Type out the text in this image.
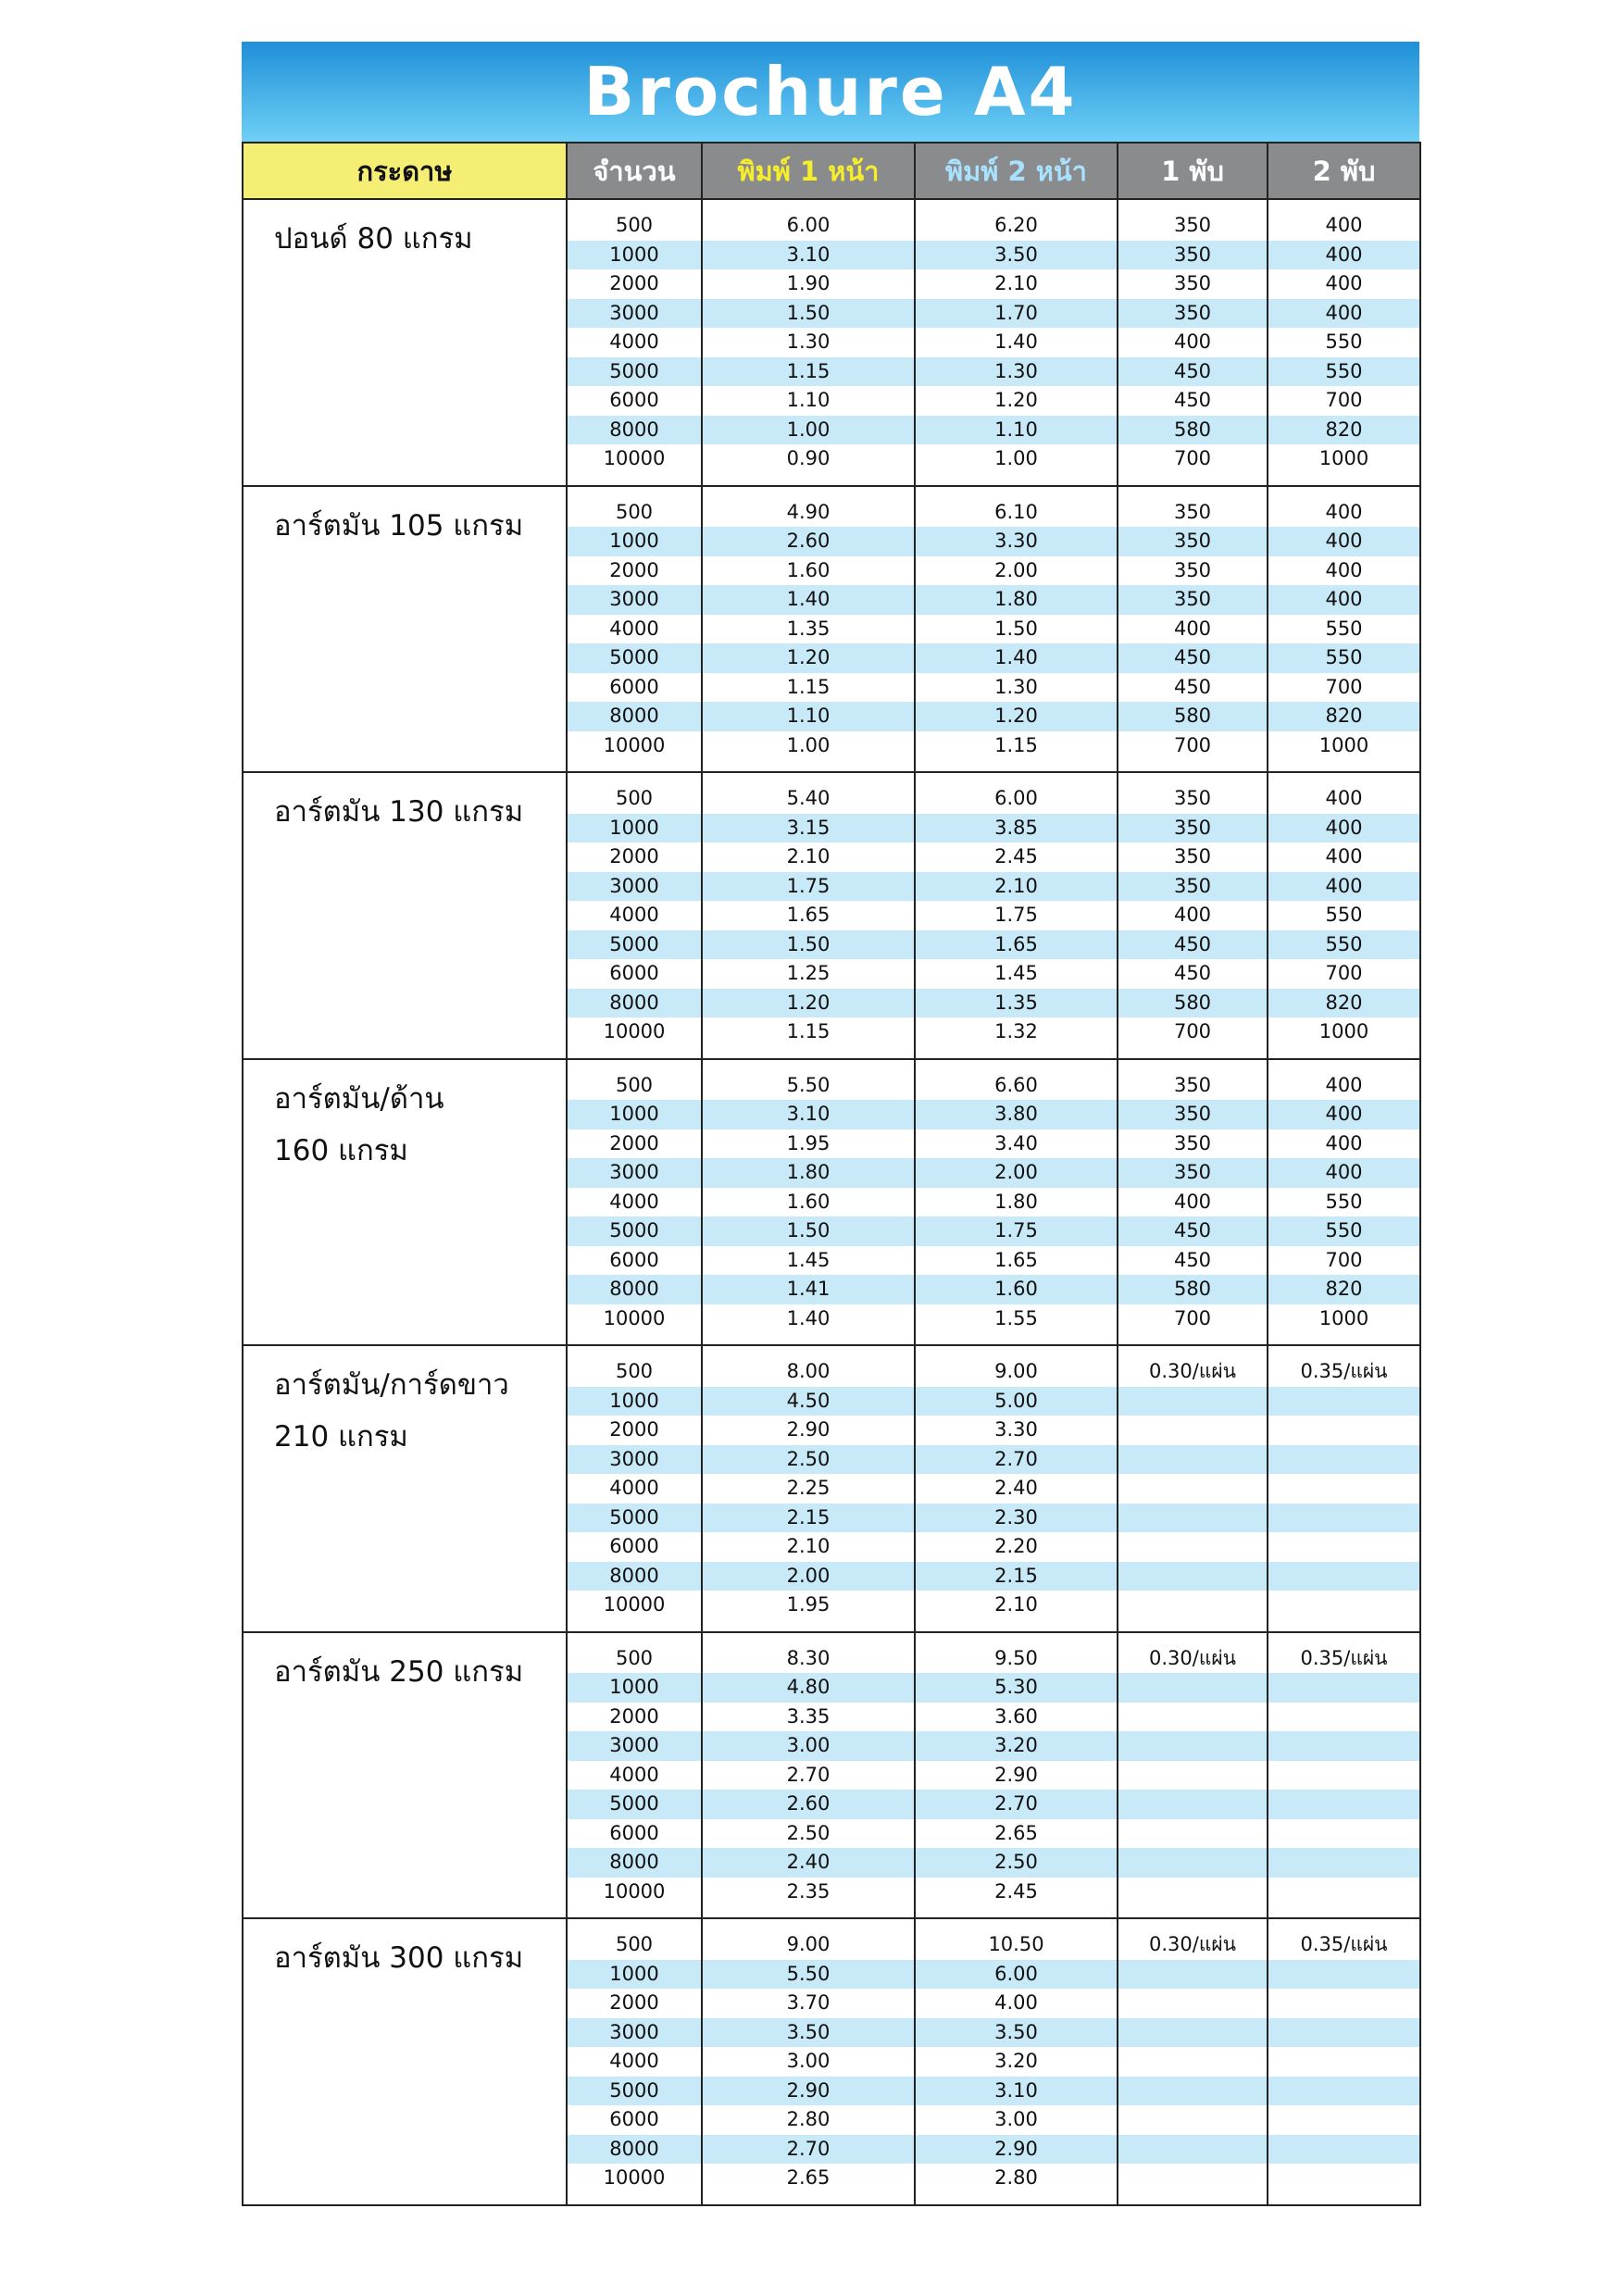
Brochure A4
กระดาษ	จำนวน	พิมพ์ 1 หน้า	พิมพ์ 2 หน้า	1 พับ	2 พับ

ปอนด์ 80 แกรม	500	6.00	6.20	350	400
	1000	3.10	3.50	350	400
	2000	1.90	2.10	350	400
	3000	1.50	1.70	350	400
	4000	1.30	1.40	400	550
	5000	1.15	1.30	450	550
	6000	1.10	1.20	450	700
	8000	1.00	1.10	580	820
	10000	0.90	1.00	700	1000

อาร์ตมัน 105 แกรม	500	4.90	6.10	350	400
	1000	2.60	3.30	350	400
	2000	1.60	2.00	350	400
	3000	1.40	1.80	350	400
	4000	1.35	1.50	400	550
	5000	1.20	1.40	450	550
	6000	1.15	1.30	450	700
	8000	1.10	1.20	580	820
	10000	1.00	1.15	700	1000

อาร์ตมัน 130 แกรม	500	5.40	6.00	350	400
	1000	3.15	3.85	350	400
	2000	2.10	2.45	350	400
	3000	1.75	2.10	350	400
	4000	1.65	1.75	400	550
	5000	1.50	1.65	450	550
	6000	1.25	1.45	450	700
	8000	1.20	1.35	580	820
	10000	1.15	1.32	700	1000

อาร์ตมัน/ด้าน
160 แกรม	500	5.50	6.60	350	400
	1000	3.10	3.80	350	400
	2000	1.95	3.40	350	400
	3000	1.80	2.00	350	400
	4000	1.60	1.80	400	550
	5000	1.50	1.75	450	550
	6000	1.45	1.65	450	700
	8000	1.41	1.60	580	820
	10000	1.40	1.55	700	1000

อาร์ตมัน/การ์ดขาว
210 แกรม	500	8.00	9.00	0.30/แผ่น	0.35/แผ่น
	1000	4.50	5.00		
	2000	2.90	3.30		
	3000	2.50	2.70		
	4000	2.25	2.40		
	5000	2.15	2.30		
	6000	2.10	2.20		
	8000	2.00	2.15		
	10000	1.95	2.10		

อาร์ตมัน 250 แกรม	500	8.30	9.50	0.30/แผ่น	0.35/แผ่น
	1000	4.80	5.30		
	2000	3.35	3.60		
	3000	3.00	3.20		
	4000	2.70	2.90		
	5000	2.60	2.70		
	6000	2.50	2.65		
	8000	2.40	2.50		
	10000	2.35	2.45		

อาร์ตมัน 300 แกรม	500	9.00	10.50	0.30/แผ่น	0.35/แผ่น
	1000	5.50	6.00		
	2000	3.70	4.00		
	3000	3.50	3.50		
	4000	3.00	3.20		
	5000	2.90	3.10		
	6000	2.80	3.00		
	8000	2.70	2.90		
	10000	2.65	2.80		
